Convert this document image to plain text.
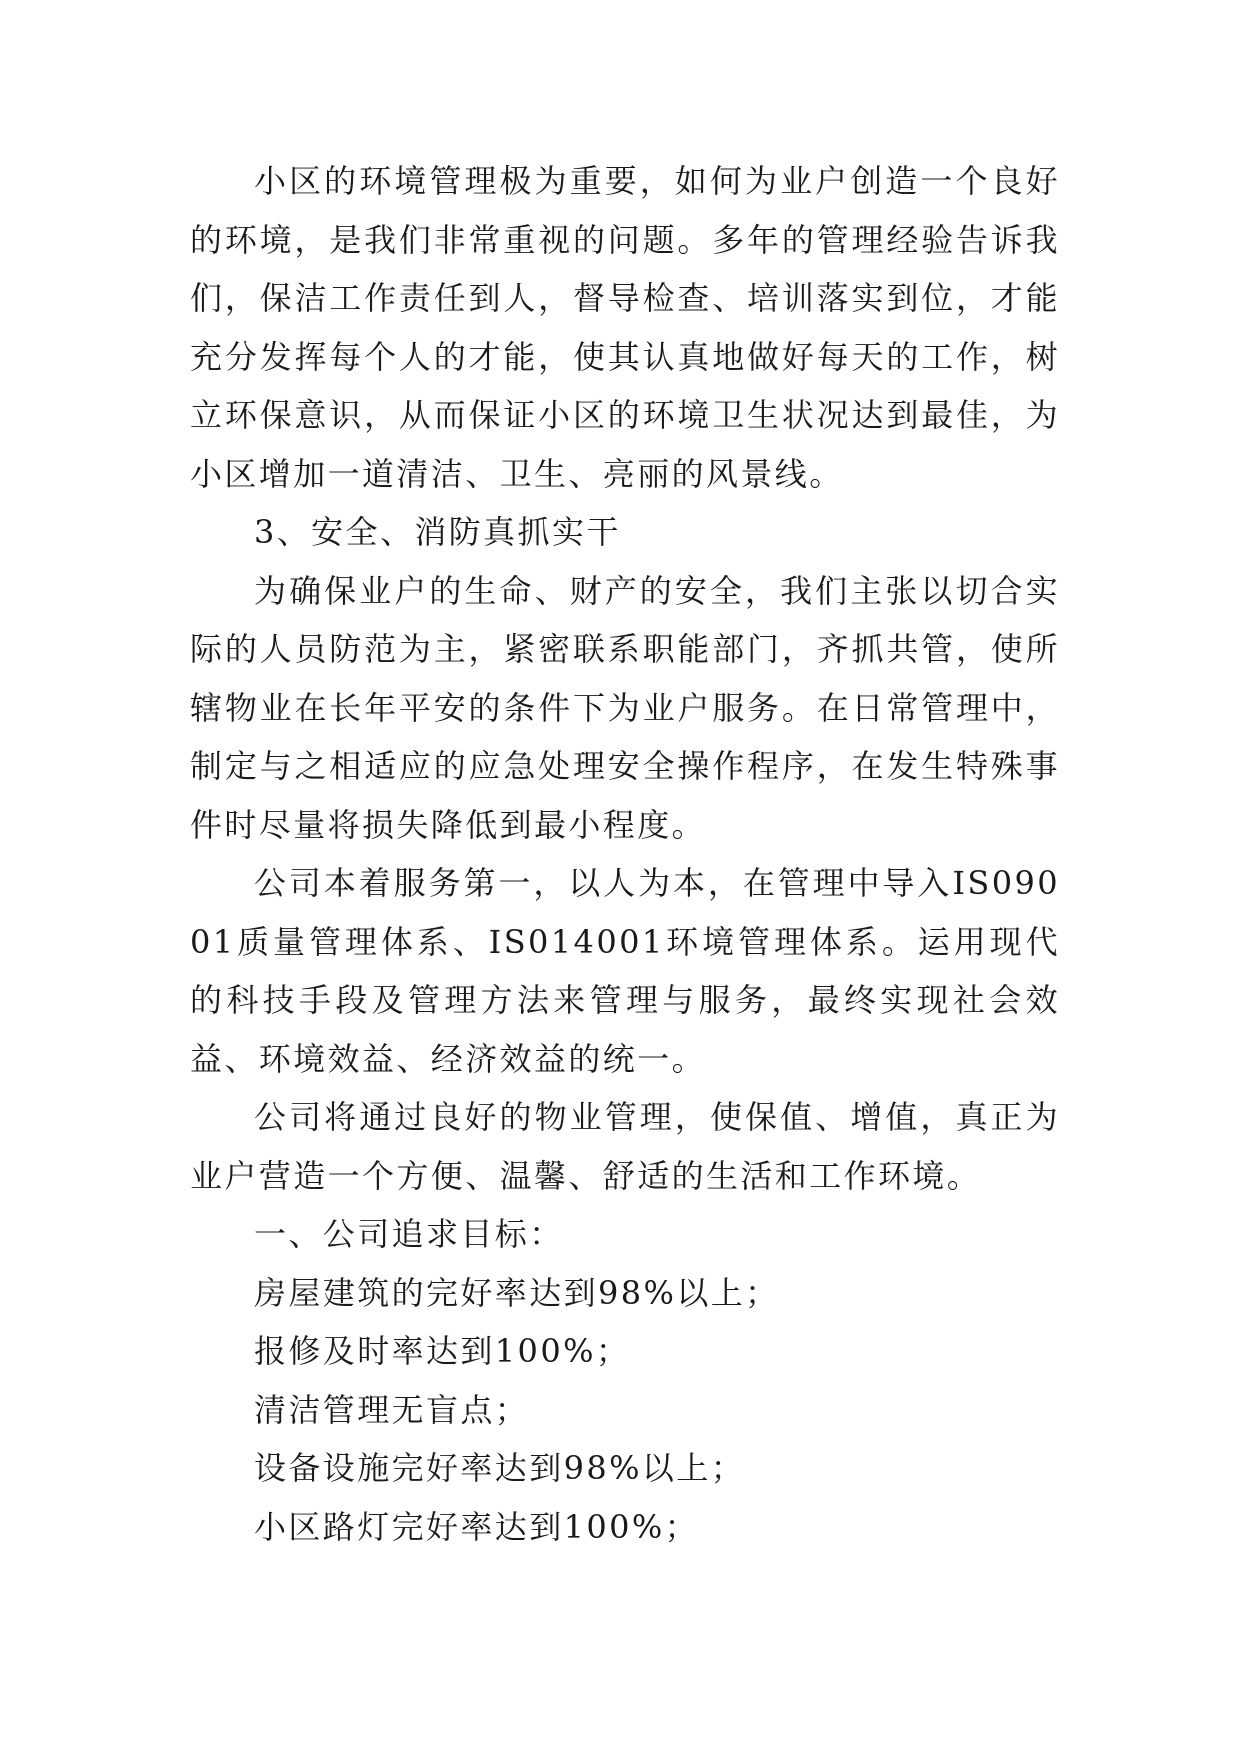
小区的环境管理极为重要，如何为业户创造一个良好的环境，是我们非常重视的问题。多年的管理经验告诉我们，保洁工作责任到人，督导检查、培训落实到位，才能充分发挥每个人的才能，使其认真地做好每天的工作，树立环保意识，从而保证小区的环境卫生状况达到最佳，为小区增加一道清洁、卫生、亮丽的风景线。

3、安全、消防真抓实干

为确保业户的生命、财产的安全，我们主张以切合实际的人员防范为主，紧密联系职能部门，齐抓共管，使所辖物业在长年平安的条件下为业户服务。在日常管理中，制定与之相适应的应急处理安全操作程序，在发生特殊事件时尽量将损失降低到最小程度。

公司本着服务第一，以人为本，在管理中导入IS09001质量管理体系、IS014001环境管理体系。运用现代的科技手段及管理方法来管理与服务，最终实现社会效益、环境效益、经济效益的统一。

公司将通过良好的物业管理，使保值、增值，真正为业户营造一个方便、温馨、舒适的生活和工作环境。

一、公司追求目标：

房屋建筑的完好率达到98%以上；

报修及时率达到100%；

清洁管理无盲点；

设备设施完好率达到98%以上；

小区路灯完好率达到100%；
